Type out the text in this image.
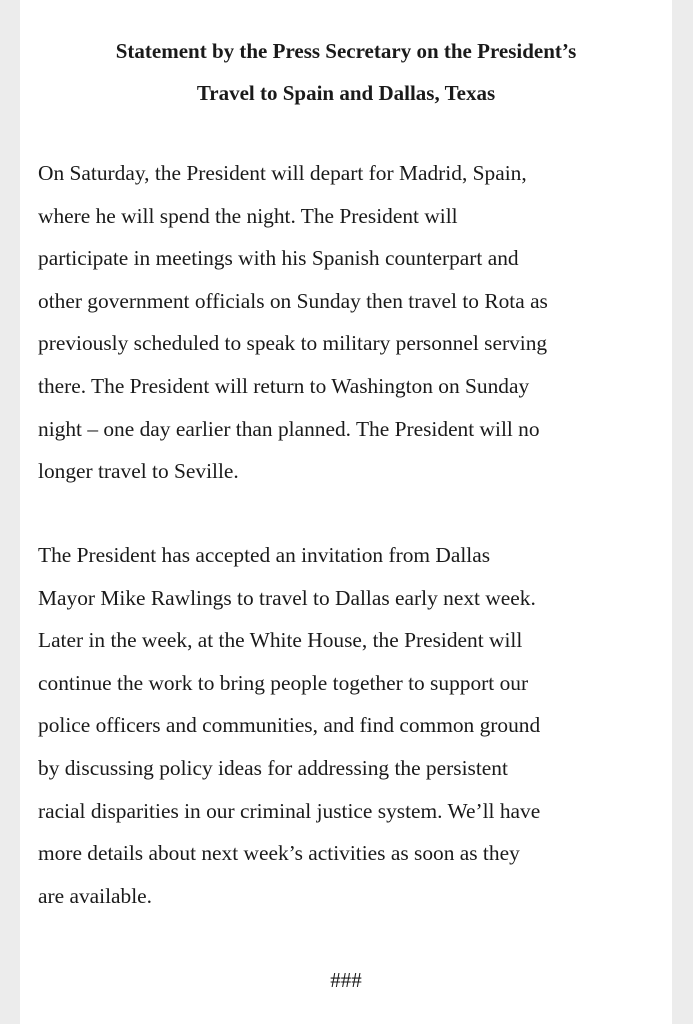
Statement by the Press Secretary on the President’s
Travel to Spain and Dallas, Texas

On Saturday, the President will depart for Madrid, Spain,
where he will spend the night. The President will
participate in meetings with his Spanish counterpart and
other government officials on Sunday then travel to Rota as
previously scheduled to speak to military personnel serving
there. The President will return to Washington on Sunday
night – one day earlier than planned. The President will no
longer travel to Seville.

The President has accepted an invitation from Dallas
Mayor Mike Rawlings to travel to Dallas early next week.
Later in the week, at the White House, the President will
continue the work to bring people together to support our
police officers and communities, and find common ground
by discussing policy ideas for addressing the persistent
racial disparities in our criminal justice system. We’ll have
more details about next week’s activities as soon as they
are available.

###
